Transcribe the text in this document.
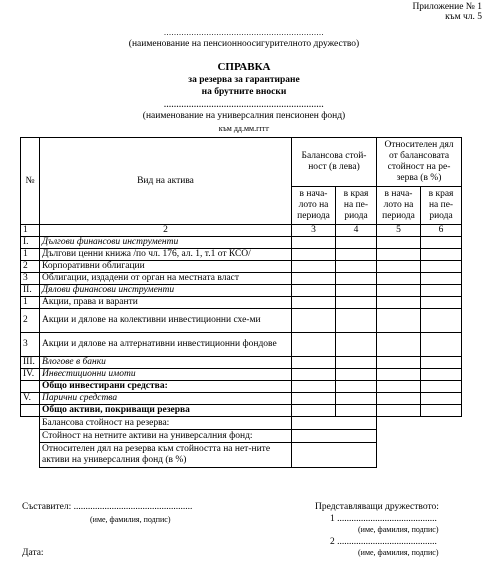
Приложение № 1
към чл. 5
................................................................
(наименование на пенсионноосигурителното дружество)
СПРАВКА
за резерва за гарантиране
на брутните вноски
................................................................
(наименование на универсалния пенсионен фонд)
към дд.мм.гггг
№	Вид на актива	Балансова стой-ност (в лева)		Относителен дял от балансовата стойност на ре-зерва (в %)	
		в нача-лото на периода	в края на пе-риода	в нача-лото на периода	в края на пе-риода
1	2	3	4	5	6
I.	Дългови финансови инструменти				
1	Дългови ценни книжа /по чл. 176, ал. 1, т.1 от КСО/				
2	Корпоративни облигации				
3	Облигации, издадени от орган на местната власт				
II.	Дялови финансови инструменти				
1	Акции, права и варанти				
2	Акции и дялове на колективни инвестиционни схе-ми				
3	Акции и дялове на алтернативни инвестиционни фондове				
III.	Влогове в банки				
IV.	Инвестиционни имоти				
	Общо инвестирани средства:				
V.	Парични средства				
	Общо активи, покриващи резерва				
	Балансова стойност на резерва:				
	Стойност на нетните активи на универсалния фонд:				
	Относителен дял на резерва към стойността на нет-ните активи на универсалния фонд (в %)				
Съставител: ..................................................
(име, фамилия, подпис)
Представляващи дружеството:
1 ..........................................
(име, фамилия, подпис)
2 ..........................................
(име, фамилия, подпис)
Дата:
